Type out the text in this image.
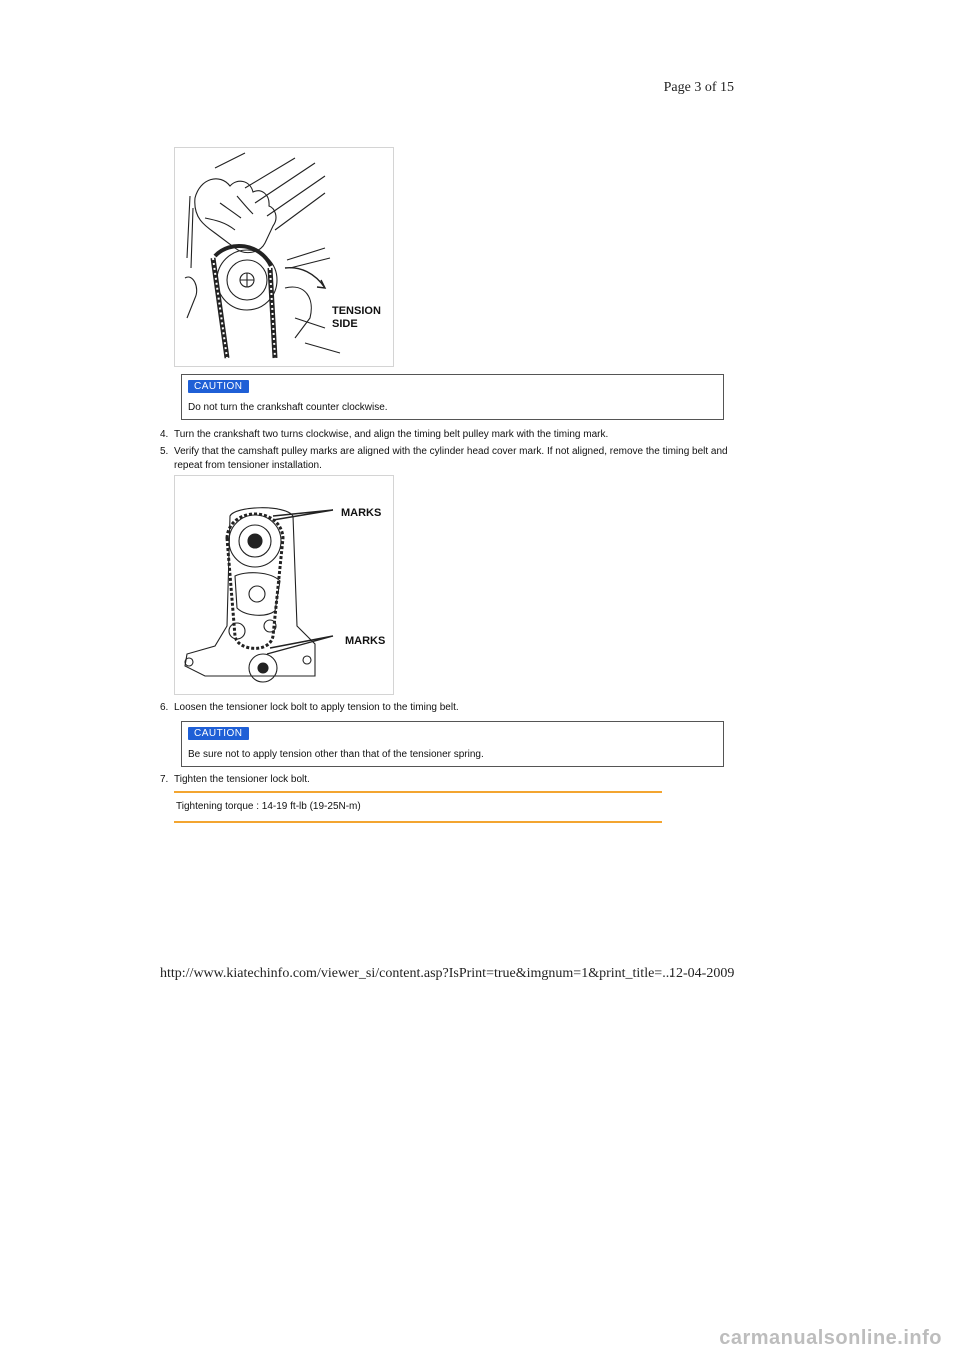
Page 3 of 15
TENSION
SIDE
CAUTION
Do not turn the crankshaft counter clockwise.
4. Turn the crankshaft two turns clockwise, and align the timing belt pulley mark with the timing mark.
5. Verify that the camshaft pulley marks are aligned with the cylinder head cover mark. If not aligned, remove the timing belt and repeat from tensioner installation.
MARKS
MARKS
6. Loosen the tensioner lock bolt to apply tension to the timing belt.
CAUTION
Be sure not to apply tension other than that of the tensioner spring.
7. Tighten the tensioner lock bolt.
Tightening torque : 14-19 ft-lb (19-25N-m)
http://www.kiatechinfo.com/viewer_si/content.asp?IsPrint=true&imgnum=1&print_title=...
12-04-2009
carmanualsonline.info
